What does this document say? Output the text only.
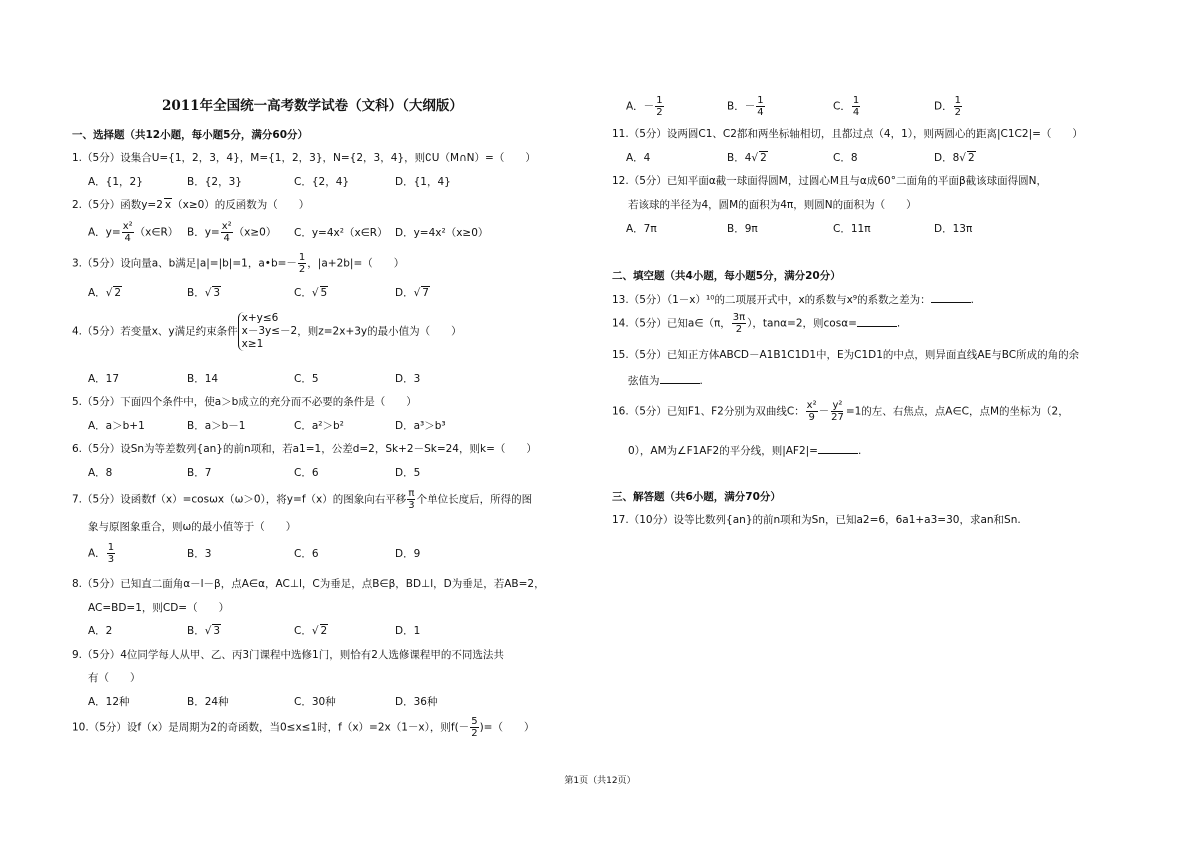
2011年全国统一高考数学试卷（文科）（大纲版）
一、选择题（共12小题，每小题5分，满分60分）
1.（5分）设集合U={1，2，3，4}，M={1，2，3}，N={2，3，4}，则∁U（M∩N）=（　　）
A．{1，2}	B．{2，3}	C．{2，4}	D．{1，4}
2.（5分）函数y=2 x（x≥0）的反函数为（　　）
A．$y= \frac{\text{x²}}{4}$ （x∈R） B．$y= \frac{\text{x²}}{4} (x\ge 0)$ C．y=4x²（x∈R） D．y=4x²（x≥0）
3.（5分）设向量a、b满足|a|=|b|=1，a•b=－ $\frac{1}{2}$ ，|a+2b|=（　　）
A．√ 2	B．√ 3	C．√ 5	D．√ 7
4.（5分）若变量x、y满足约束条件
x+y≤6
x－3y≤－2
x≥1
，则z=2x+3y的最小值为（　　）
A．17	B．14	C．5	D．3
5.（5分）下面四个条件中，使a＞b成立的充分而不必要的条件是（　　）
A．a＞b+1	B．a＞b－1	C．a²＞b²	D．a³＞b³
6.（5分）设Sn为等差数列{an}的前n项和，若a1=1，公差d=2，Sk+2－Sk=24，则k=（　　）
A．8	B．7	C．6	D．5
7.（5分）设函数f（x）=cosωx（ω＞0），将y=f（x）的图象向右平移 $\frac{\pi}{3}$ 个单位长度后，所得的图
象与原图象重合，则ω的最小值等于（　　）
A． $\frac{1}{3}$	B．3	C．6	D．9
8.（5分）已知直二面角α－l－β，点A∈α，AC⊥l，C为垂足，点B∈β，BD⊥l，D为垂足，若AB=2，
AC=BD=1，则CD=（　　）
A．2	B．√ 3	C．√ 2	D．1
9.（5分）4位同学每人从甲、乙、丙3门课程中选修1门，则恰有2人选修课程甲的不同选法共
有（　　）
A．12种	B．24种	C．30种	D．36种
10.（5分）设f（x）是周期为2的奇函数，当0≤x≤1时，f（x）=2x（1－x），则$f(- \frac{5}{2}$ )=（　　）
A．－ $\frac{1}{2}$	B．－ $\frac{1}{4}$	C． $\frac{1}{4}$	D． $\frac{1}{2}$
11.（5分）设两圆C1、C2都和两坐标轴相切，且都过点（4，1），则两圆心的距离|C1C2|=（　　）
A．4	B．4√ 2	C．8	D．8√ 2
12.（5分）已知平面α截一球面得圆M，过圆心M且与α成60°二面角的平面β截该球面得圆N，
若该球的半径为4，圆M的面积为4π，则圆N的面积为（　　）
A．7π	B．9π	C．11π	D．13π
二、填空题（共4小题，每小题5分，满分20分）
13.（5分）（1－x）¹⁰的二项展开式中，x的系数与x⁹的系数之差为：	.
14.（5分）已知a∈（π， $\frac{3\pi}{2}$ ），tanα=2，则cosα=	.
15.（5分）已知正方体ABCD－A1B1C1D1中，E为C1D1的中点，则异面直线AE与BC所成的角的余
弦值为	.
16.（5分）已知F1、F2分别为双曲线C： $\frac{\text{x²}}{9} - \frac{\text{y²}}{27} =1$的左、右焦点，点A∈C，点M的坐标为（2，
0），AM为∠F1AF2的平分线，则|AF2|=	.
三、解答题（共6小题，满分70分）
17.（10分）设等比数列{an}的前n项和为Sn，已知a2=6，6a1+a3=30，求an和Sn.
第1页（共12页）
